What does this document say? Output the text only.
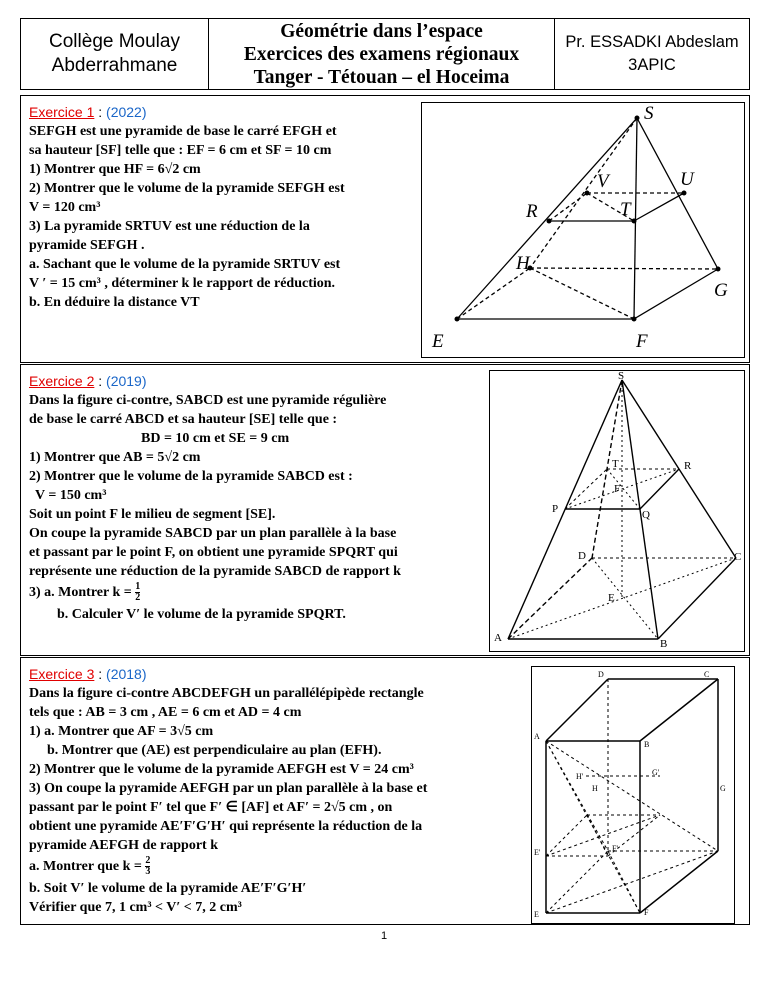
Collège Moulay
Abderrahmane
Géométrie dans l’espace
Exercices des examens régionaux
Tanger - Tétouan – el Hoceima
Pr. ESSADKI Abdeslam
3APIC
Exercice 1 : (2022)
SEFGH est une pyramide de base le carré EFGH et
sa hauteur [SF] telle que : EF = 6 cm et SF = 10 cm
1) Montrer que HF = 6√2 cm
2) Montrer que le volume de la pyramide SEFGH est
V = 120 cm³
3) La pyramide SRTUV est une réduction de la
pyramide SEFGH .
a. Sachant que le volume de la pyramide SRTUV est
V ′ = 15 cm³ , déterminer k le rapport de réduction.
b. En déduire la distance VT
S
V	U
R	T
H
G
E	F
Exercice 2 : (2019)
Dans la figure ci-contre, SABCD est une pyramide régulière
de base le carré ABCD et sa hauteur [SE] telle que :
BD = 10 cm et SE = 9 cm
1) Montrer que AB = 5√2 cm
2) Montrer que le volume de la pyramide SABCD est :
V = 150 cm³
Soit un point F le milieu de segment [SE].
On coupe la pyramide SABCD par un plan parallèle à la base
et passant par le point F, on obtient une pyramide SPQRT qui
représente une réduction de la pyramide SABCD de rapport k
3) a. Montrer $k = \frac{1}{2}$
b. Calculer V′ le volume de la pyramide SPQRT.
S
T	R
F
P	Q
D	C
E
A	B
Exercice 3 : (2018)
Dans la figure ci-contre ABCDEFGH un parallélépipède rectangle
tels que : AB = 3 cm , AE = 6 cm et AD = 4 cm
1) a. Montrer que AF = 3√5 cm
b. Montrer que (AE) est perpendiculaire au plan (EFH).
2) Montrer que le volume de la pyramide AEFGH est V = 24 cm³
3) On coupe la pyramide AEFGH par un plan parallèle à la base et
passant par le point F′ tel que F′ ∈ [AF] et AF′ = 2√5 cm , on
obtient une pyramide AE′F′G′H′ qui représente la réduction de la
pyramide AEFGH de rapport k
a. Montrer que $k = \frac{2}{3}$
b. Soit V′ le volume de la pyramide AE′F′G′H′
Vérifier que 7, 1 cm³ < V′ < 7, 2 cm³
D	C
A
B
H	G
G'
H'
E'	F'
E	F
1
